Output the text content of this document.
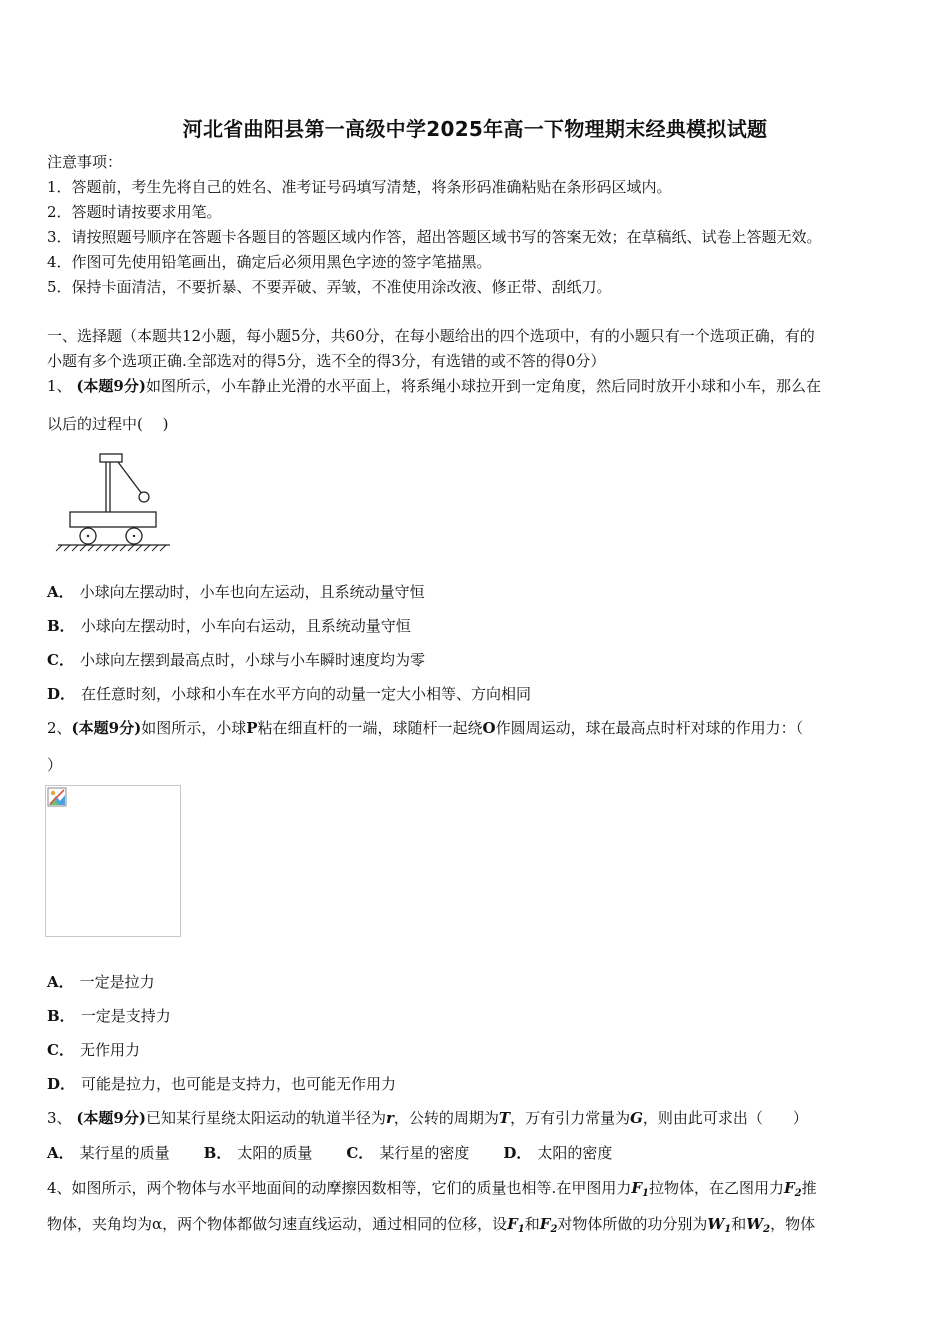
河北省曲阳县第一高级中学2025年高一下物理期末经典模拟试题
注意事项：
1．答题前，考生先将自己的姓名、准考证号码填写清楚，将条形码准确粘贴在条形码区域内。
2．答题时请按要求用笔。
3．请按照题号顺序在答题卡各题目的答题区域内作答，超出答题区域书写的答案无效；在草稿纸、试卷上答题无效。
4．作图可先使用铅笔画出，确定后必须用黑色字迹的签字笔描黑。
5．保持卡面清洁，不要折暴、不要弄破、弄皱，不准使用涂改液、修正带、刮纸刀。
一、选择题（本题共12小题，每小题5分，共60分，在每小题给出的四个选项中，有的小题只有一个选项正确，有的
小题有多个选项正确.全部选对的得5分，选不全的得3分，有选错的或不答的得0分）
1、 (本题9分)如图所示，小车静止光滑的水平面上，将系绳小球拉开到一定角度，然后同时放开小球和小车，那么在
以后的过程中(　 )
A． 小球向左摆动时，小车也向左运动，且系统动量守恒
B． 小球向左摆动时，小车向右运动，且系统动量守恒
C． 小球向左摆到最高点时，小球与小车瞬时速度均为零
D． 在任意时刻，小球和小车在水平方向的动量一定大小相等、方向相同
2、(本题9分)如图所示，小球P粘在细直杆的一端，球随杆一起绕O作圆周运动，球在最高点时杆对球的作用力：（
）
A． 一定是拉力
B． 一定是支持力
C． 无作用力
D． 可能是拉力，也可能是支持力，也可能无作用力
3、 (本题9分)已知某行星绕太阳运动的轨道半径为r，公转的周期为T，万有引力常量为G，则由此可求出（　　）
A． 某行星的质量 B． 太阳的质量 C． 某行星的密度 D． 太阳的密度
4、如图所示，两个物体与水平地面间的动摩擦因数相等，它们的质量也相等.在甲图用力$F_1$拉物体，在乙图用力$F_2$推
物体，夹角均为α，两个物体都做匀速直线运动，通过相同的位移，设$F_1$和$F_2$对物体所做的功分别为$W_1$和$W_2$，物体
